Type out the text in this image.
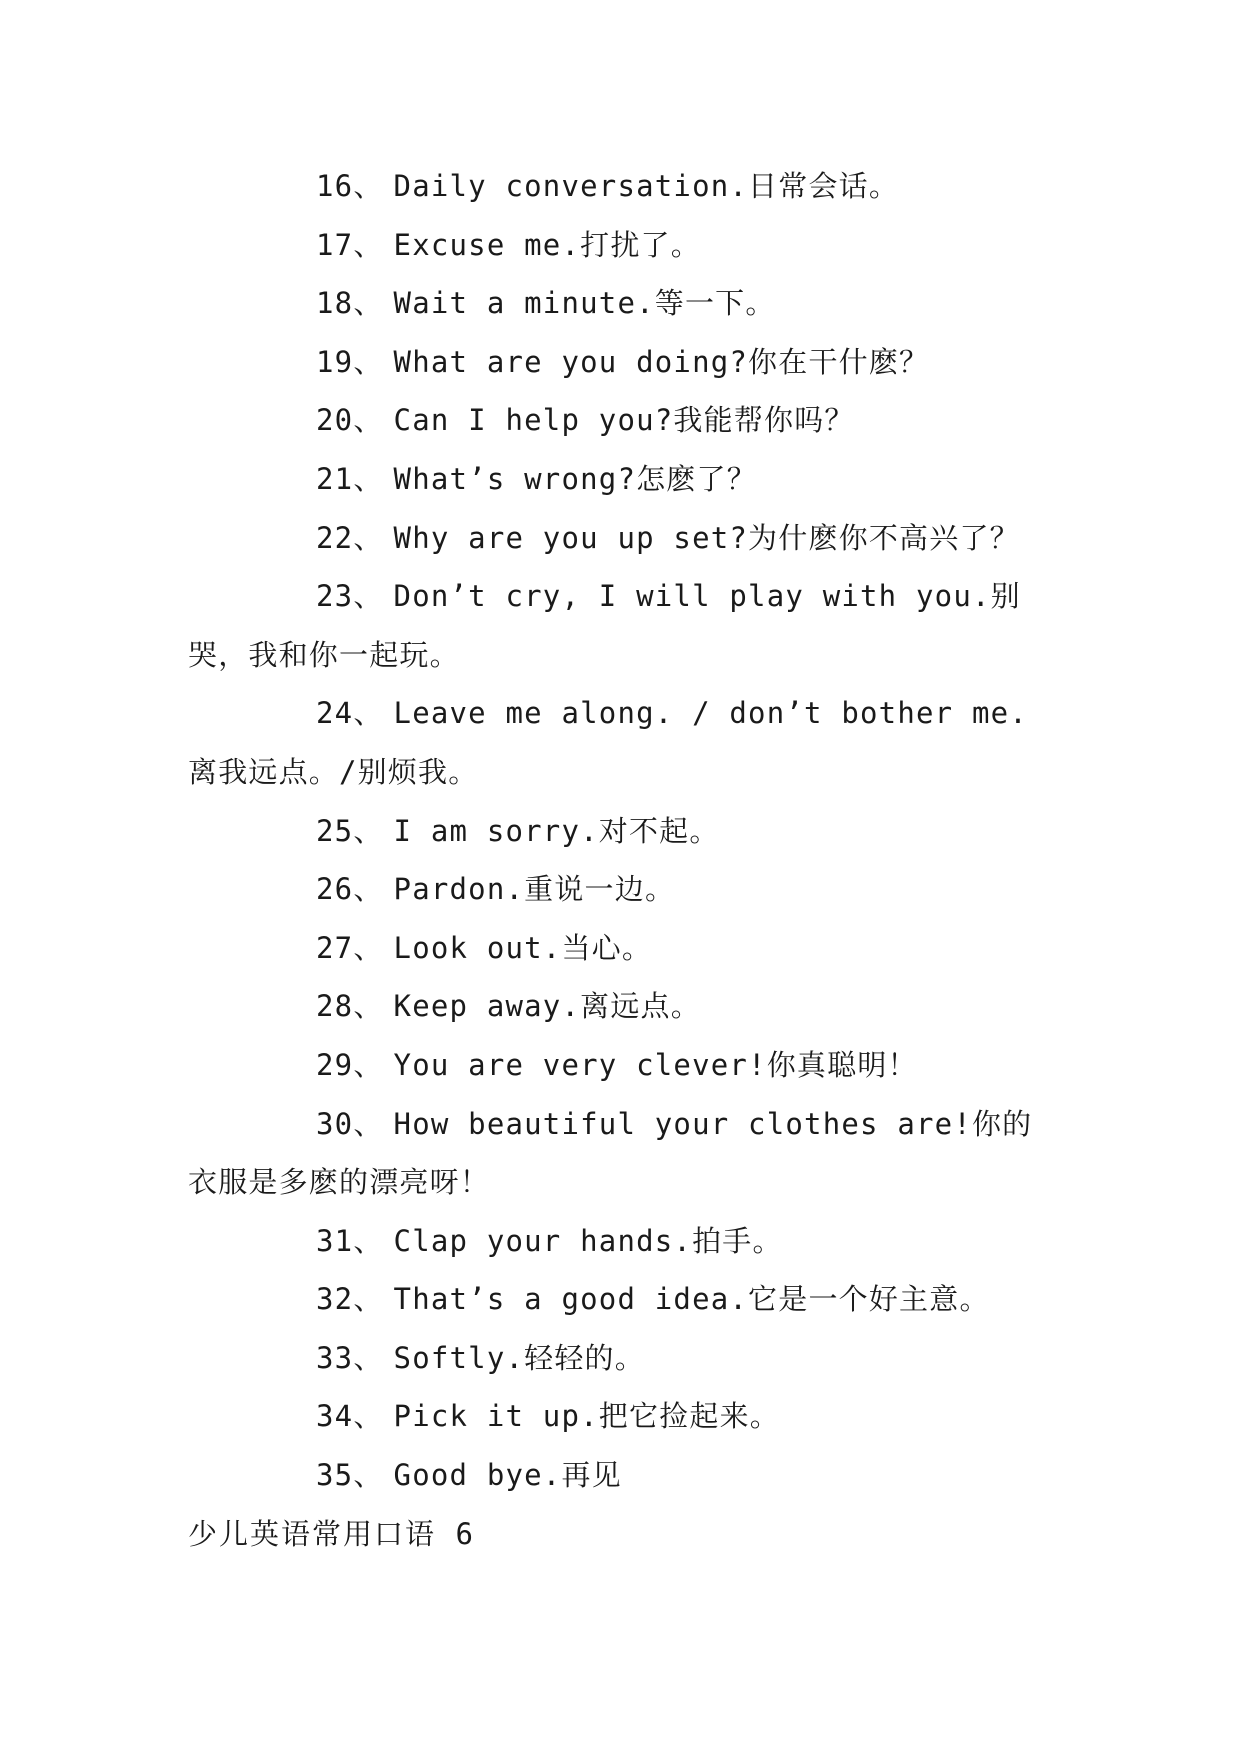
16、 Daily conversation.日常会话。

17、 Excuse me.打扰了。

18、 Wait a minute.等一下。

19、 What are you doing?你在干什麽？

20、 Can I help you?我能帮你吗？

21、 What’s wrong?怎麽了？

22、 Why are you up set?为什麽你不高兴了？

23、 Don’t cry, I will play with you.别哭，我和你一起玩。

24、 Leave me along. / don’t bother me.离我远点。/别烦我。

25、 I am sorry.对不起。

26、 Pardon.重说一边。

27、 Look out.当心。

28、 Keep away.离远点。

29、 You are very clever!你真聪明！

30、 How beautiful your clothes are!你的衣服是多麽的漂亮呀！

31、 Clap your hands.拍手。

32、 That’s a good idea.它是一个好主意。

33、 Softly.轻轻的。

34、 Pick it up.把它捡起来。

35、 Good bye.再见

少儿英语常用口语 6
